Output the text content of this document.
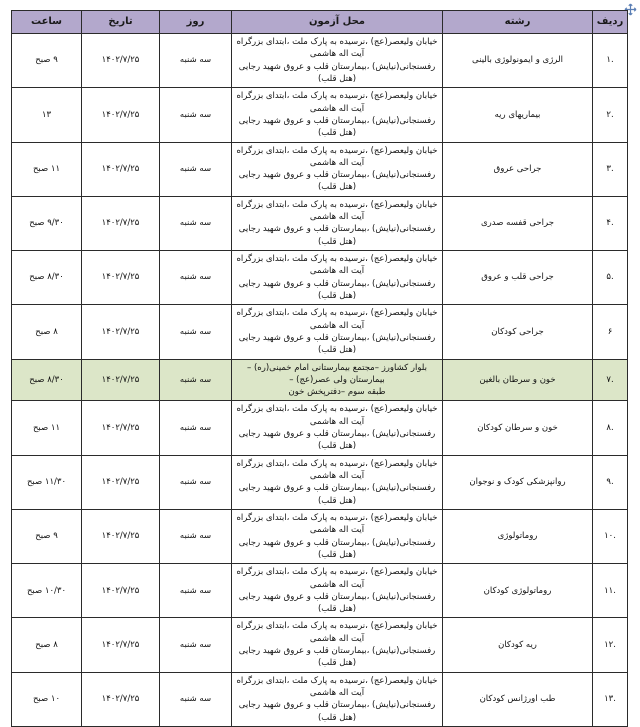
ردیف	رشته	محل آزمون	روز	تاریخ	ساعت
.۱	الرژی و ایمونولوژی بالینی	خیابان ولیعصر(عج) ،نرسیده به پارک ملت ،ابتدای بزرگراه آیت اله هاشمی
رفسنجانی(نیایش) ،بیمارستان قلب و عروق شهید رجایی (هتل قلب)	سه شنبه	۱۴۰۲/۷/۲۵	۹ صبح
.۲	بیماریهای ریه	خیابان ولیعصر(عج) ،نرسیده به پارک ملت ،ابتدای بزرگراه آیت اله هاشمی
رفسنجانی(نیایش) ،بیمارستان قلب و عروق شهید رجایی (هتل قلب)	سه شنبه	۱۴۰۲/۷/۲۵	۱۳
.۳	جراحی عروق	خیابان ولیعصر(عج) ،نرسیده به پارک ملت ،ابتدای بزرگراه آیت اله هاشمی
رفسنجانی(نیایش) ،بیمارستان قلب و عروق شهید رجایی (هتل قلب)	سه شنبه	۱۴۰۲/۷/۲۵	۱۱ صبح
.۴	جراحی قفسه صدری	خیابان ولیعصر(عج) ،نرسیده به پارک ملت ،ابتدای بزرگراه آیت اله هاشمی
رفسنجانی(نیایش) ،بیمارستان قلب و عروق شهید رجایی (هتل قلب)	سه شنبه	۱۴۰۲/۷/۲۵	۹/۳۰ صبح
.۵	جراحی قلب و عروق	خیابان ولیعصر(عج) ،نرسیده به پارک ملت ،ابتدای بزرگراه آیت اله هاشمی
رفسنجانی(نیایش) ،بیمارستان قلب و عروق شهید رجایی (هتل قلب)	سه شنبه	۱۴۰۲/۷/۲۵	۸/۳۰ صبح
۶	جراحی کودکان	خیابان ولیعصر(عج) ،نرسیده به پارک ملت ،ابتدای بزرگراه آیت اله هاشمی
رفسنجانی(نیایش) ،بیمارستان قلب و عروق شهید رجایی (هتل قلب)	سه شنبه	۱۴۰۲/۷/۲۵	۸ صبح
.۷	خون و سرطان بالغین	بلوار کشاورز –مجتمع بیمارستانی امام خمینی(ره) –بیمارستان ولی عصر(عج) –
طبقه سوم –دفترپخش خون	سه شنبه	۱۴۰۲/۷/۲۵	۸/۳۰ صبح
.۸	خون و سرطان کودکان	خیابان ولیعصر(عج) ،نرسیده به پارک ملت ،ابتدای بزرگراه آیت اله هاشمی
رفسنجانی(نیایش) ،بیمارستان قلب و عروق شهید رجایی (هتل قلب)	سه شنبه	۱۴۰۲/۷/۲۵	۱۱ صبح
.۹	روانپزشکی کودک و نوجوان	خیابان ولیعصر(عج) ،نرسیده به پارک ملت ،ابتدای بزرگراه آیت اله هاشمی
رفسنجانی(نیایش) ،بیمارستان قلب و عروق شهید رجایی (هتل قلب)	سه شنبه	۱۴۰۲/۷/۲۵	۱۱/۳۰ صبح
.۱۰	روماتولوژی	خیابان ولیعصر(عج) ،نرسیده به پارک ملت ،ابتدای بزرگراه آیت اله هاشمی
رفسنجانی(نیایش) ،بیمارستان قلب و عروق شهید رجایی (هتل قلب)	سه شنبه	۱۴۰۲/۷/۲۵	۹ صبح
.۱۱	روماتولوژی کودکان	خیابان ولیعصر(عج) ،نرسیده به پارک ملت ،ابتدای بزرگراه آیت اله هاشمی
رفسنجانی(نیایش) ،بیمارستان قلب و عروق شهید رجایی (هتل قلب)	سه شنبه	۱۴۰۲/۷/۲۵	۱۰/۳۰ صبح
.۱۲	ریه کودکان	خیابان ولیعصر(عج) ،نرسیده به پارک ملت ،ابتدای بزرگراه آیت اله هاشمی
رفسنجانی(نیایش) ،بیمارستان قلب و عروق شهید رجایی (هتل قلب)	سه شنبه	۱۴۰۲/۷/۲۵	۸ صبح
.۱۳	طب اورژانس کودکان	خیابان ولیعصر(عج) ،نرسیده به پارک ملت ،ابتدای بزرگراه آیت اله هاشمی
رفسنجانی(نیایش) ،بیمارستان قلب و عروق شهید رجایی (هتل قلب)	سه شنبه	۱۴۰۲/۷/۲۵	۱۰ صبح
